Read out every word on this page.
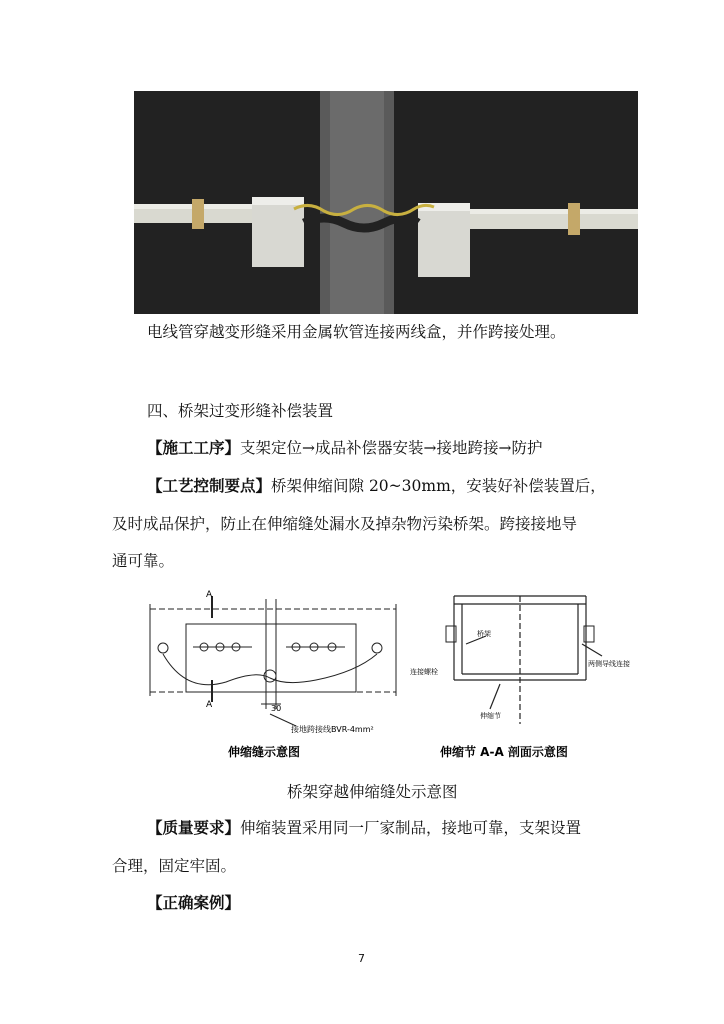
电线管穿越变形缝采用金属软管连接两线盒，并作跨接处理。
四、桥架过变形缝补偿装置
【施工工序】支架定位→成品补偿器安装→接地跨接→防护
【工艺控制要点】桥架伸缩间隙 20~30mm，安装好补偿装置后，
及时成品保护，防止在伸缩缝处漏水及掉杂物污染桥架。跨接接地导
通可靠。
A
A	30
接地跨接线BVR-4mm²
伸缩缝示意图
桥架
连接螺栓
伸缩节
两侧导线连接
伸缩节 A-A 剖面示意图
桥架穿越伸缩缝处示意图
【质量要求】伸缩装置采用同一厂家制品，接地可靠，支架设置
合理，固定牢固。
【正确案例】
7
